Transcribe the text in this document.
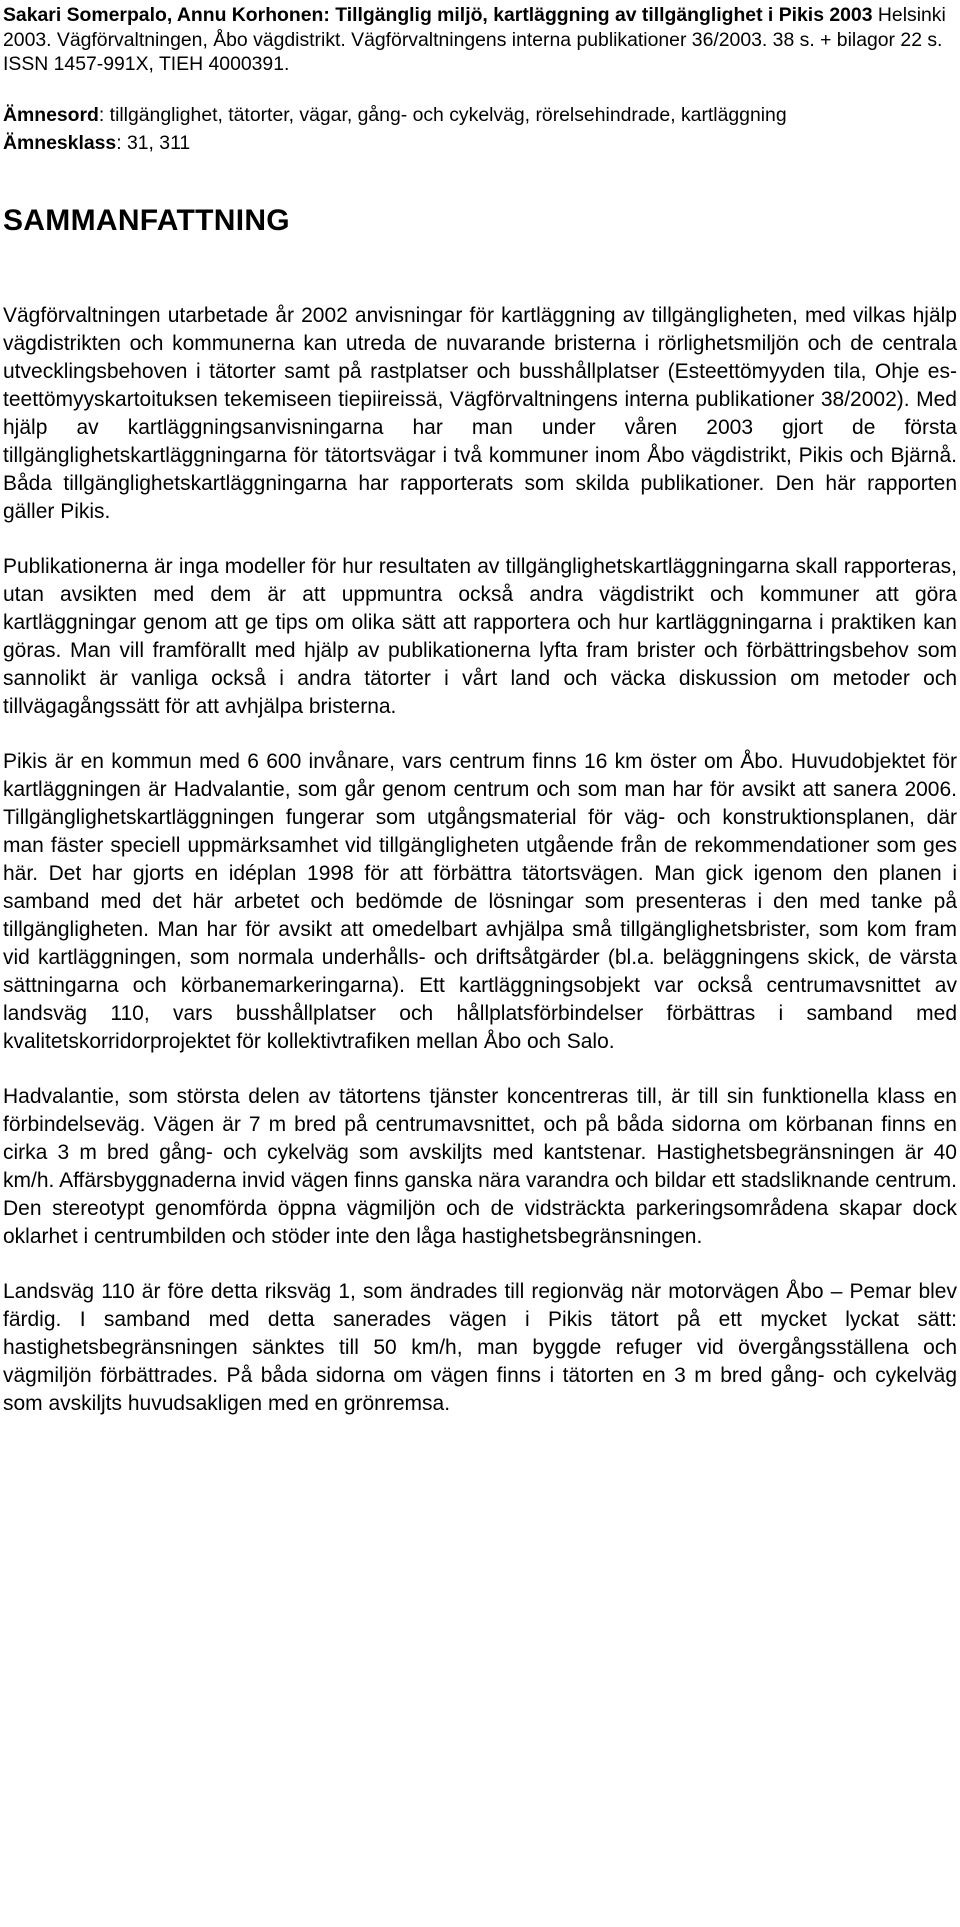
Sakari Somerpalo, Annu Korhonen: Tillgänglig miljö, kartläggning av tillgänglighet i Pikis 2003 Helsinki 2003. Vägförvaltningen, Åbo vägdistrikt. Vägförvaltningens interna publikationer 36/2003. 38 s. + bilagor 22 s. ISSN 1457-991X, TIEH 4000391.
Ämnesord: tillgänglighet, tätorter, vägar, gång- och cykelväg, rörelsehindrade, kartläggning
Ämnesklass: 31, 311
SAMMANFATTNING

Vägförvaltningen utarbetade år 2002 anvisningar för kartläggning av tillgängligheten, med vilkas hjälp vägdistrikten och kommunerna kan utreda de nuvarande bristerna i rörlighetsmiljön och de centrala utvecklingsbehoven i tätorter samt på rastplatser och busshållplatser (Esteettömyyden tila, Ohje esteettömyyskartoituksen tekemiseen tiepiireissä, Vägförvaltningens interna publikationer 38/2002). Med hjälp av kartläggningsanvisningarna har man under våren 2003 gjort de första tillgänglighetskartläggningarna för tätortsvägar i två kommuner inom Åbo vägdistrikt, Pikis och Bjärnå. Båda tillgänglighetskartläggningarna har rapporterats som skilda publikationer. Den här rapporten gäller Pikis.

Publikationerna är inga modeller för hur resultaten av tillgänglighetskartläggningarna skall rapporteras, utan avsikten med dem är att uppmuntra också andra vägdistrikt och kommuner att göra kartläggningar genom att ge tips om olika sätt att rapportera och hur kartläggningarna i praktiken kan göras. Man vill framförallt med hjälp av publikationerna lyfta fram brister och förbättringsbehov som sannolikt är vanliga också i andra tätorter i vårt land och väcka diskussion om metoder och tillvägagångssätt för att avhjälpa bristerna.

Pikis är en kommun med 6 600 invånare, vars centrum finns 16 km öster om Åbo. Huvudobjektet för kartläggningen är Hadvalantie, som går genom centrum och som man har för avsikt att sanera 2006. Tillgänglighetskartläggningen fungerar som utgångsmaterial för väg- och konstruktionsplanen, där man fäster speciell uppmärksamhet vid tillgängligheten utgående från de rekommendationer som ges här. Det har gjorts en idéplan 1998 för att förbättra tätortsvägen. Man gick igenom den planen i samband med det här arbetet och bedömde de lösningar som presenteras i den med tanke på tillgängligheten. Man har för avsikt att omedelbart avhjälpa små tillgänglighetsbrister, som kom fram vid kartläggningen, som normala underhålls- och driftsåtgärder (bl.a. beläggningens skick, de värsta sättningarna och körbanemarkeringarna). Ett kartläggningsobjekt var också centrumavsnittet av landsväg 110, vars busshållplatser och hållplatsförbindelser förbättras i samband med kvalitetskorridorprojektet för kollektivtrafiken mellan Åbo och Salo.

Hadvalantie, som största delen av tätortens tjänster koncentreras till, är till sin funktionella klass en förbindelseväg. Vägen är 7 m bred på centrumavsnittet, och på båda sidorna om körbanan finns en cirka 3 m bred gång- och cykelväg som avskiljts med kantstenar. Hastighetsbegränsningen är 40 km/h. Affärsbyggnaderna invid vägen finns ganska nära varandra och bildar ett stadsliknande centrum. Den stereotypt genomförda öppna vägmiljön och de vidsträckta parkeringsområdena skapar dock oklarhet i centrumbilden och stöder inte den låga hastighetsbegränsningen.

Landsväg 110 är före detta riksväg 1, som ändrades till regionväg när motorvägen Åbo – Pemar blev färdig. I samband med detta sanerades vägen i Pikis tätort på ett mycket lyckat sätt: hastighetsbegränsningen sänktes till 50 km/h, man byggde refuger vid övergångsställena och vägmiljön förbättrades. På båda sidorna om vägen finns i tätorten en 3 m bred gång- och cykelväg som avskiljts huvudsakligen med en grönremsa.
